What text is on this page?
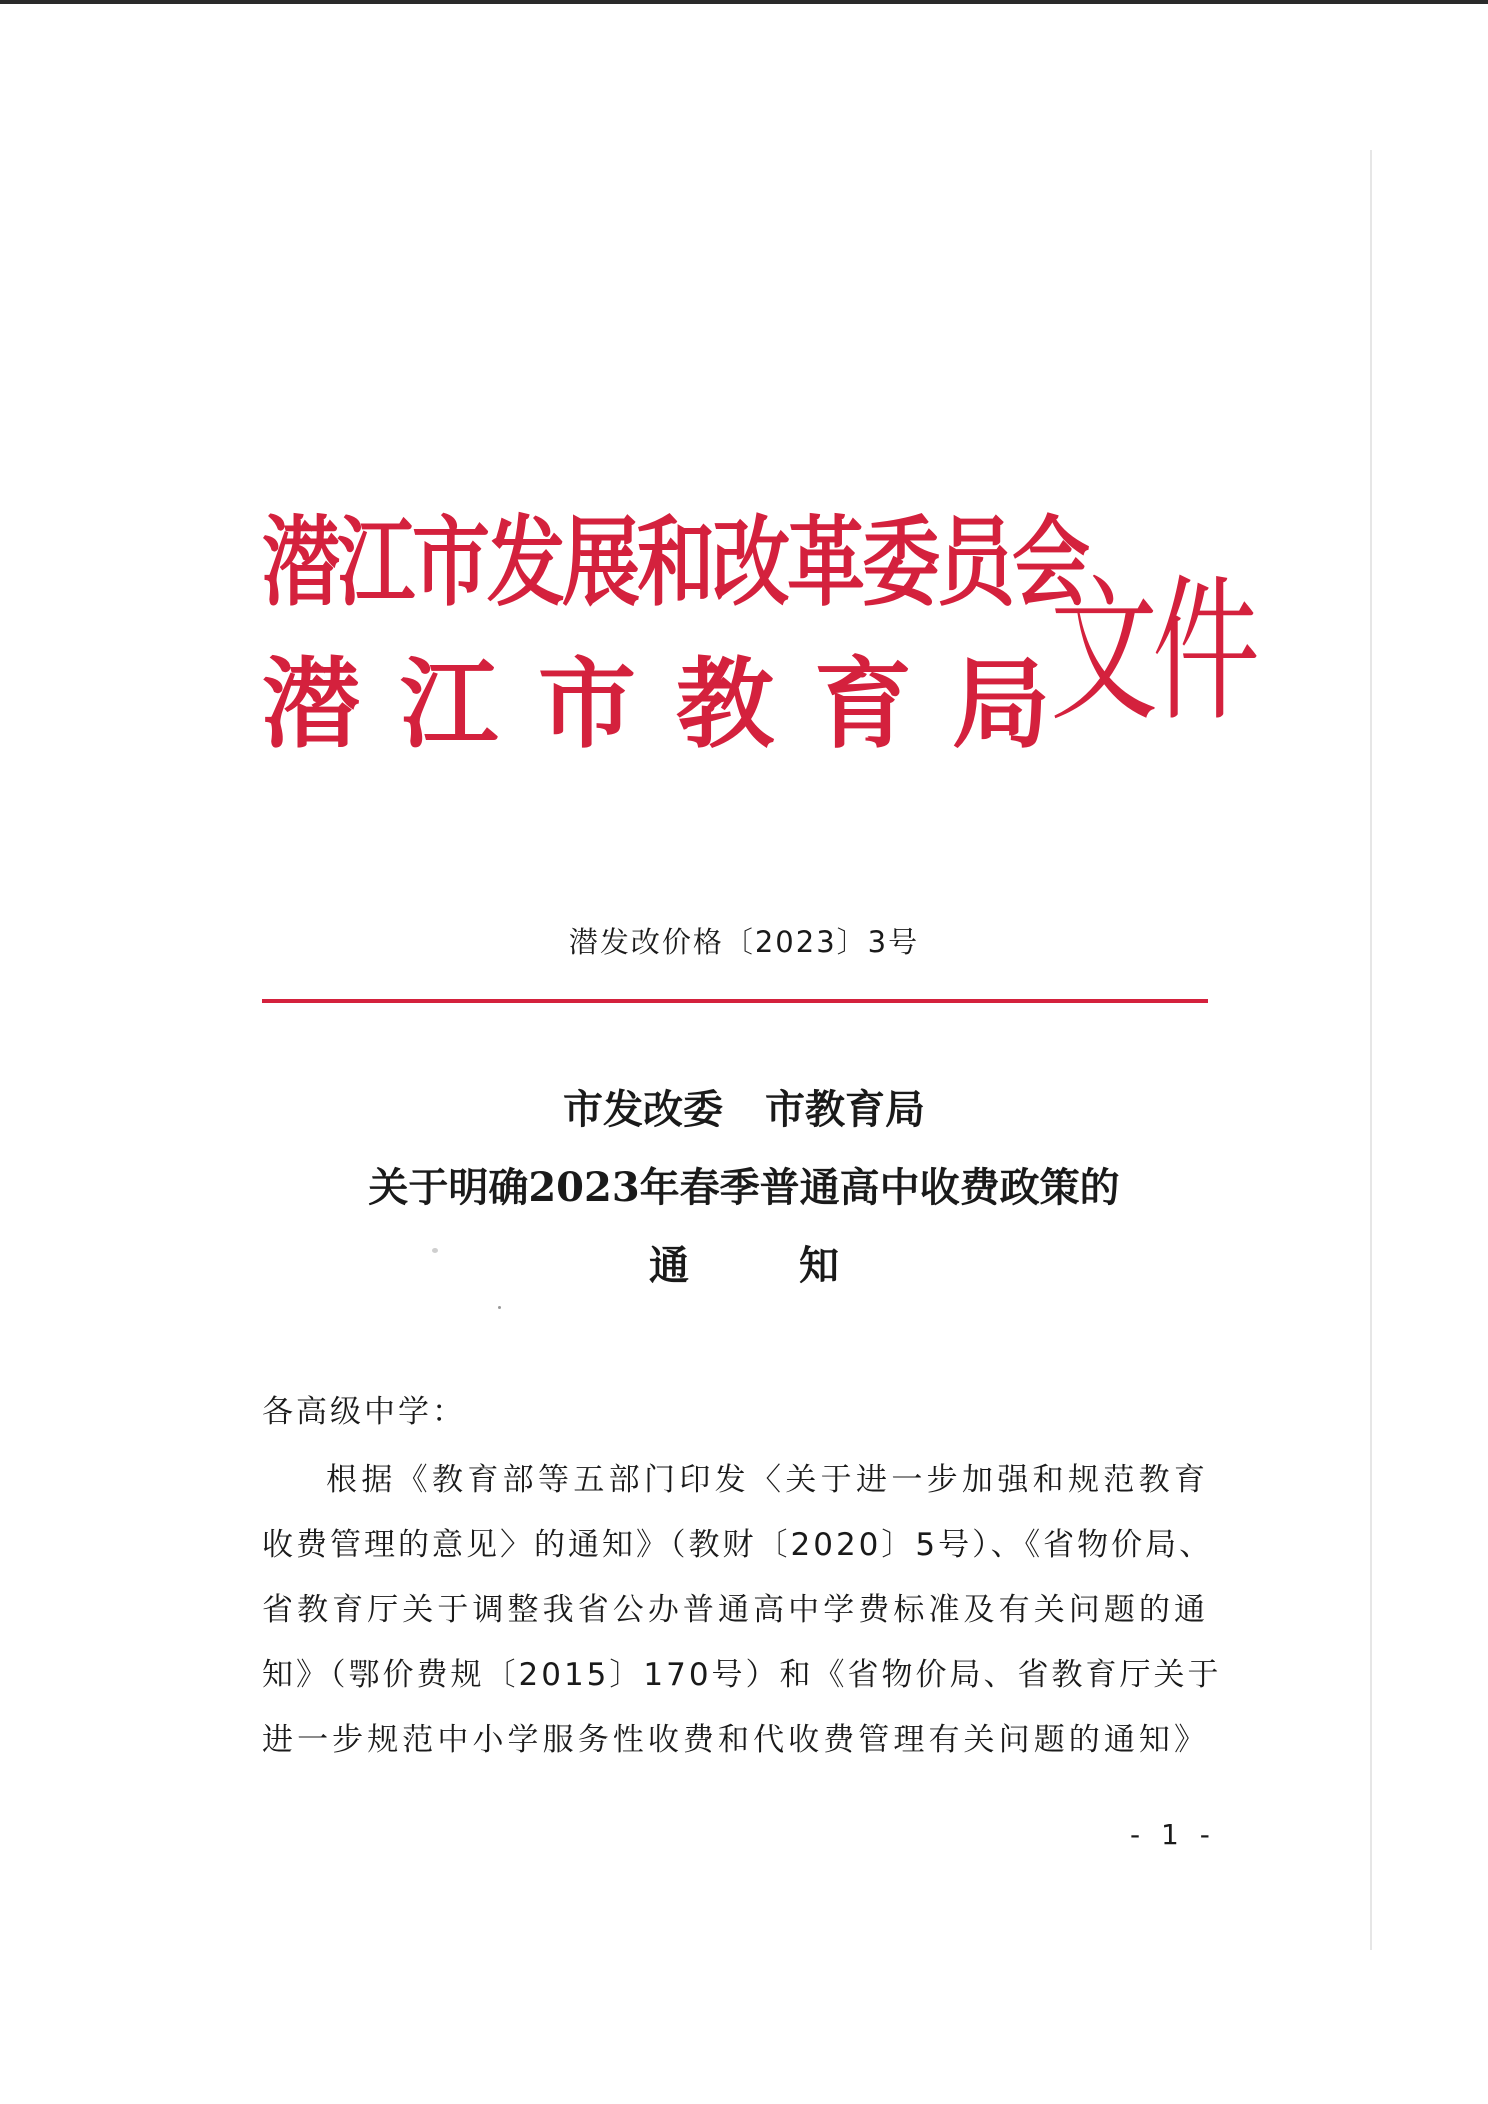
潜江市发展和改革委员会
潜江市教育局
文件
潜发改价格〔2023〕3号
市发改委 市教育局
关于明确2023年春季普通高中收费政策的
通	知
各高级中学：
根据《教育部等五部门印发〈关于进一步加强和规范教育
收费管理的意见〉的通知》（教财〔2020〕5号）、《省物价局、
省教育厅关于调整我省公办普通高中学费标准及有关问题的通
知》（鄂价费规〔2015〕170号）和《省物价局、省教育厅关于
进一步规范中小学服务性收费和代收费管理有关问题的通知》
- 1 -
